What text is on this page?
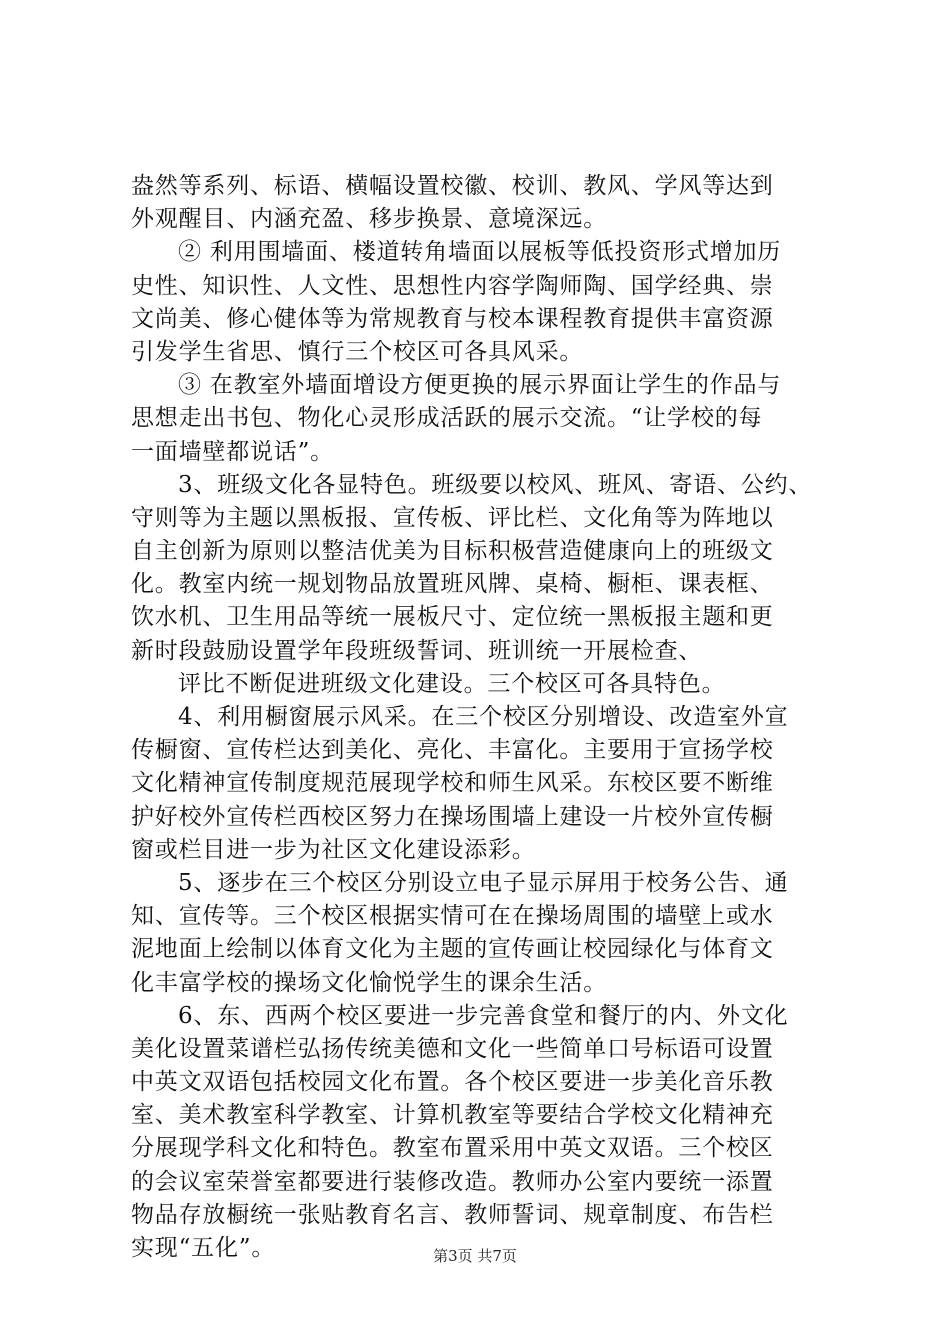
盎然等系列、标语、横幅设置校徽、校训、教风、学风等达到
外观醒目、内涵充盈、移步换景、意境深远。
② 利用围墙面、楼道转角墙面以展板等低投资形式增加历
史性、知识性、人文性、思想性内容学陶师陶、国学经典、崇
文尚美、修心健体等为常规教育与校本课程教育提供丰富资源
引发学生省思、慎行三个校区可各具风采。
③ 在教室外墙面增设方便更换的展示界面让学生的作品与
思想走出书包、物化心灵形成活跃的展示交流。“让学校的每
一面墙壁都说话”。
3、班级文化各显特色。班级要以校风、班风、寄语、公约、
守则等为主题以黑板报、宣传板、评比栏、文化角等为阵地以
自主创新为原则以整洁优美为目标积极营造健康向上的班级文
化。教室内统一规划物品放置班风牌、桌椅、橱柜、课表框、
饮水机、卫生用品等统一展板尺寸、定位统一黑板报主题和更
新时段鼓励设置学年段班级誓词、班训统一开展检查、
评比不断促进班级文化建设。三个校区可各具特色。
4、利用橱窗展示风采。在三个校区分别增设、改造室外宣
传橱窗、宣传栏达到美化、亮化、丰富化。主要用于宣扬学校
文化精神宣传制度规范展现学校和师生风采。东校区要不断维
护好校外宣传栏西校区努力在操场围墙上建设一片校外宣传橱
窗或栏目进一步为社区文化建设添彩。
5、逐步在三个校区分别设立电子显示屏用于校务公告、通
知、宣传等。三个校区根据实情可在在操场周围的墙壁上或水
泥地面上绘制以体育文化为主题的宣传画让校园绿化与体育文
化丰富学校的操场文化愉悦学生的课余生活。
6、东、西两个校区要进一步完善食堂和餐厅的内、外文化
美化设置菜谱栏弘扬传统美德和文化一些简单口号标语可设置
中英文双语包括校园文化布置。各个校区要进一步美化音乐教
室、美术教室科学教室、计算机教室等要结合学校文化精神充
分展现学科文化和特色。教室布置采用中英文双语。三个校区
的会议室荣誉室都要进行装修改造。教师办公室内要统一添置
物品存放橱统一张贴教育名言、教师誓词、规章制度、布告栏
实现“五化”。	第3页 共7页
